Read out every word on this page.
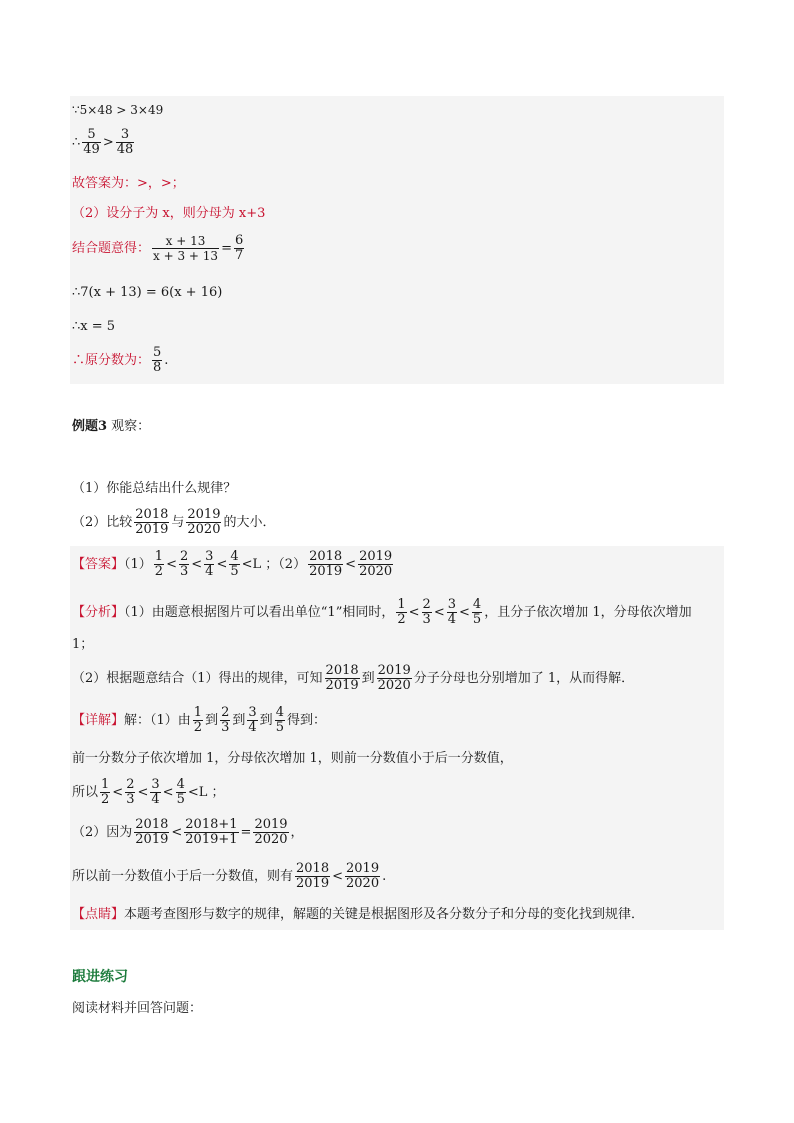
∵5×48 > 3×49
∴ $\frac{5}{49} > \frac{3}{48}$
故答案为：>，>；
（2）设分子为 x，则分母为 x+3
结合题意得： $\frac{x + 13}{x + 3 + 13} = \frac{6}{7}$
∴7(x + 13) = 6(x + 16)
∴x = 5
∴原分数为： $\frac{5}{8}$ .
例题3 观察：
（1）你能总结出什么规律？
（2）比较 $\frac{2018}{2019}$ 与 $\frac{2019}{2020}$ 的大小．
【答案】$(1) \frac{1}{2} < \frac{2}{3} < \frac{3}{4} < \frac{4}{5} <L$ ；$(2) \frac{2018}{2019} < \frac{2019}{2020}$
【分析】（1）由题意根据图片可以看出单位“1”相同时， $\frac{1}{2} < \frac{2}{3} < \frac{3}{4} < \frac{4}{5}$ ，且分子依次增加 1，分母依次增加
1；
（2）根据题意结合（1）得出的规律，可知 $\frac{2018}{2019}$ 到 $\frac{2019}{2020}$ 分子分母也分别增加了 1，从而得解．
【详解】解：（1）由 $\frac{1}{2}$ 到 $\frac{2}{3}$ 到 $\frac{3}{4}$ 到 $\frac{4}{5}$ 得到：
前一分数分子依次增加 1，分母依次增加 1，则前一分数值小于后一分数值，
所以 $\frac{1}{2} < \frac{2}{3} < \frac{3}{4} < \frac{4}{5} <L$ ；
（2）因为 $\frac{2018}{2019} < \frac{2018+1}{2019+1} = \frac{2019}{2020}$ ，
所以前一分数值小于后一分数值，则有 $\frac{2018}{2019} < \frac{2019}{2020}$ .
【点睛】本题考查图形与数字的规律，解题的关键是根据图形及各分数分子和分母的变化找到规律．
跟进练习
阅读材料并回答问题：
